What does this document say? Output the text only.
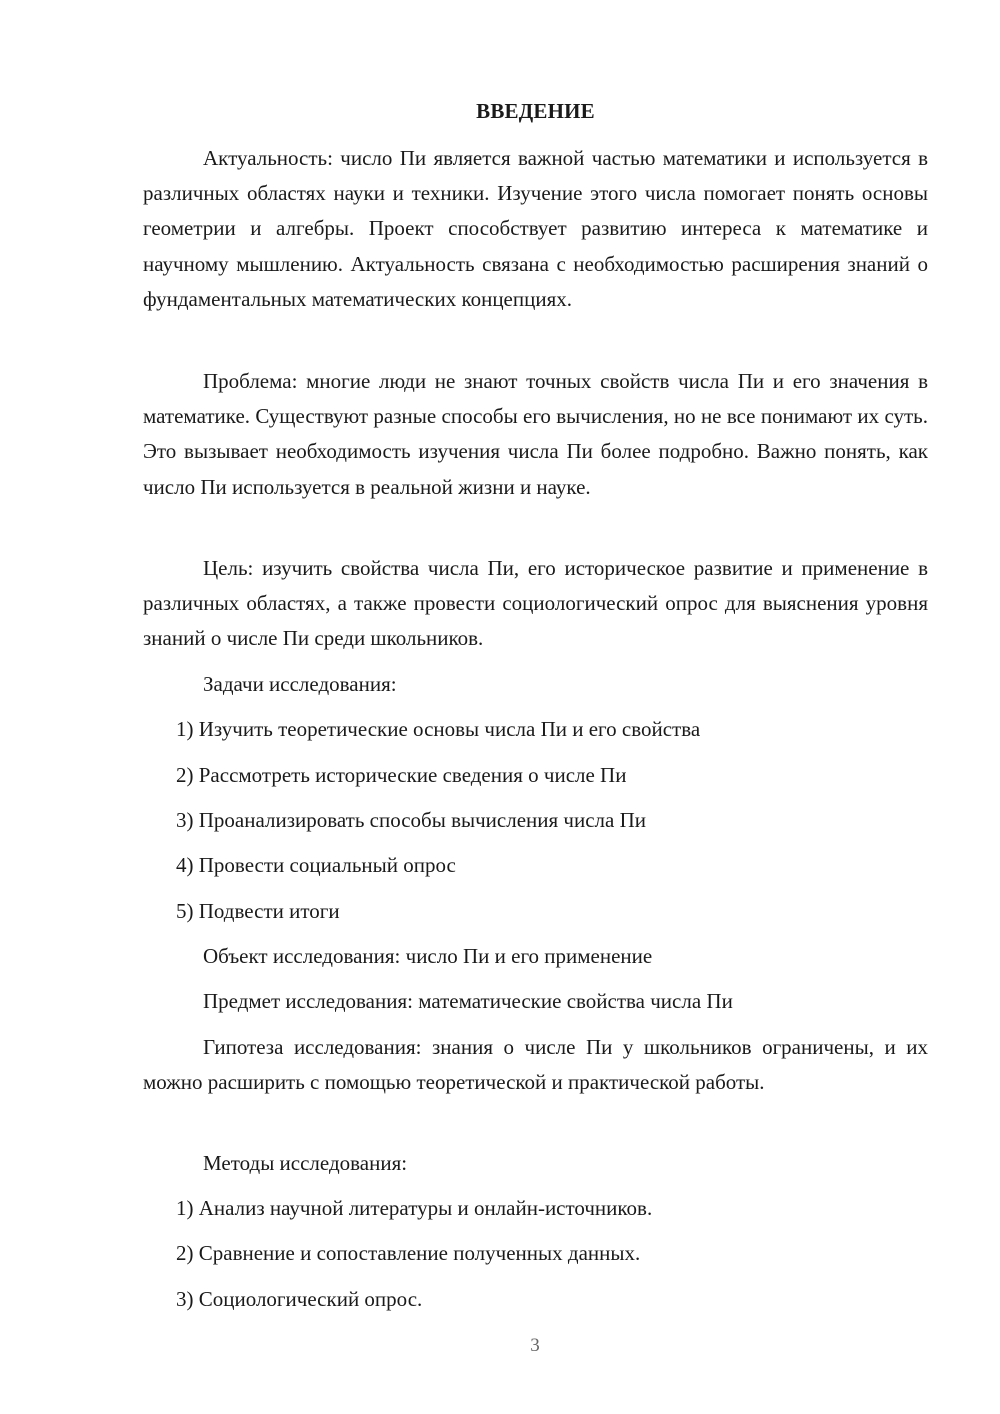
ВВЕДЕНИЕ

Актуальность: число Пи является важной частью математики и используется в различных областях науки и техники. Изучение этого числа помогает понять основы геометрии и алгебры. Проект способствует развитию интереса к математике и научному мышлению. Актуальность связана с необходимостью расширения знаний о фундаментальных математических концепциях.

Проблема: многие люди не знают точных свойств числа Пи и его значения в математике. Существуют разные способы его вычисления, но не все понимают их суть. Это вызывает необходимость изучения числа Пи более подробно. Важно понять, как число Пи используется в реальной жизни и науке.

Цель: изучить свойства числа Пи, его историческое развитие и применение в различных областях, а также провести социологический опрос для выяснения уровня знаний о числе Пи среди школьников.

Задачи исследования:
1) Изучить теоретические основы числа Пи и его свойства
2) Рассмотреть исторические сведения о числе Пи
3) Проанализировать способы вычисления числа Пи
4) Провести социальный опрос
5) Подвести итоги
Объект исследования: число Пи и его применение
Предмет исследования: математические свойства числа Пи

Гипотеза исследования: знания о числе Пи у школьников ограничены, и их можно расширить с помощью теоретической и практической работы.

Методы исследования:
1) Анализ научной литературы и онлайн-источников.
2) Сравнение и сопоставление полученных данных.
3) Социологический опрос.
3
